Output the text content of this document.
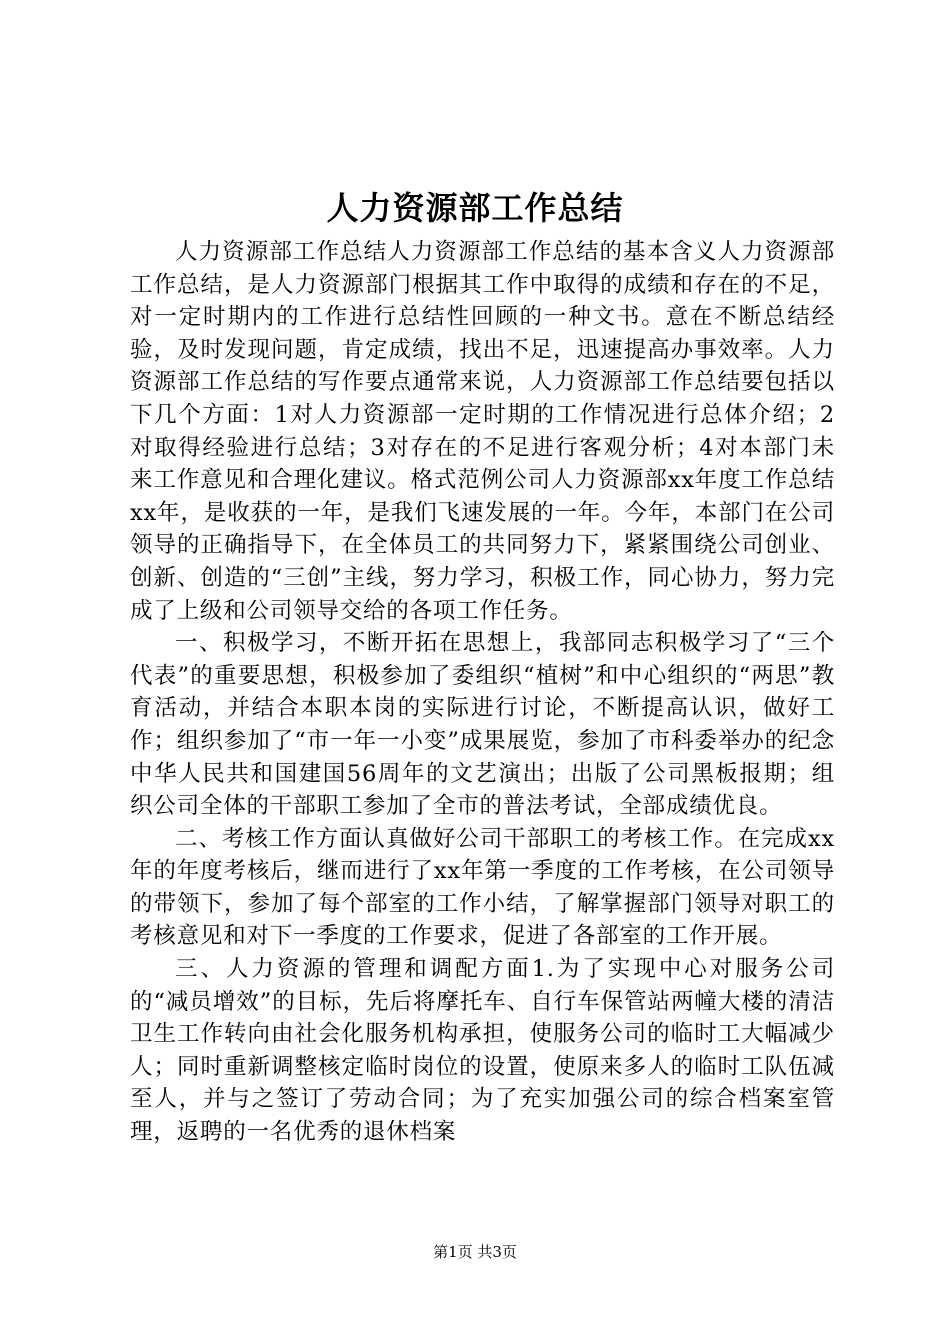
人力资源部工作总结

人力资源部工作总结人力资源部工作总结的基本含义人力资源部工作总结，是人力资源部门根据其工作中取得的成绩和存在的不足，对一定时期内的工作进行总结性回顾的一种文书。意在不断总结经验，及时发现问题，肯定成绩，找出不足，迅速提高办事效率。人力资源部工作总结的写作要点通常来说，人力资源部工作总结要包括以下几个方面：1对人力资源部一定时期的工作情况进行总体介绍；2对取得经验进行总结；3对存在的不足进行客观分析；4对本部门未来工作意见和合理化建议。格式范例公司人力资源部xx年度工作总结xx年，是收获的一年，是我们飞速发展的一年。今年，本部门在公司领导的正确指导下，在全体员工的共同努力下，紧紧围绕公司创业、创新、创造的“三创”主线，努力学习，积极工作，同心协力，努力完成了上级和公司领导交给的各项工作任务。

一、积极学习，不断开拓在思想上，我部同志积极学习了“三个代表”的重要思想，积极参加了委组织“植树”和中心组织的“两思”教育活动，并结合本职本岗的实际进行讨论，不断提高认识，做好工作；组织参加了“市一年一小变”成果展览，参加了市科委举办的纪念中华人民共和国建国56周年的文艺演出；出版了公司黑板报期；组织公司全体的干部职工参加了全市的普法考试，全部成绩优良。

二、考核工作方面认真做好公司干部职工的考核工作。在完成xx年的年度考核后，继而进行了xx年第一季度的工作考核，在公司领导的带领下，参加了每个部室的工作小结，了解掌握部门领导对职工的考核意见和对下一季度的工作要求，促进了各部室的工作开展。

三、人力资源的管理和调配方面1.为了实现中心对服务公司的“减员增效”的目标，先后将摩托车、自行车保管站两幢大楼的清洁卫生工作转向由社会化服务机构承担，使服务公司的临时工大幅减少人；同时重新调整核定临时岗位的设置，使原来多人的临时工队伍减至人，并与之签订了劳动合同；为了充实加强公司的综合档案室管理，返聘的一名优秀的退休档案

第1页 共3页
